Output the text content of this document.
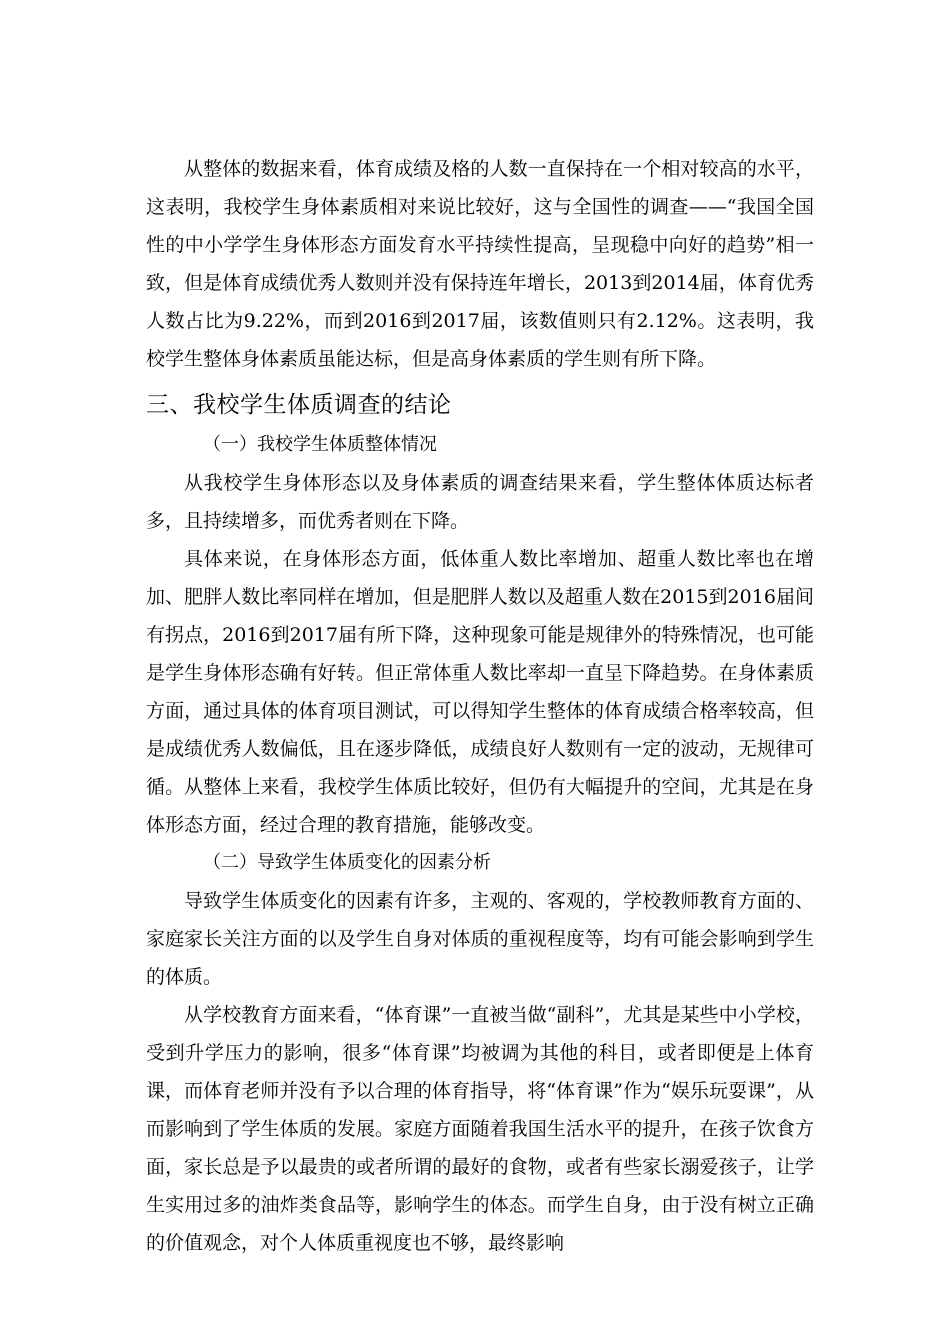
从整体的数据来看，体育成绩及格的人数一直保持在一个相对较高的水平，这表明，我校学生身体素质相对来说比较好，这与全国性的调查——“我国全国性的中小学学生身体形态方面发育水平持续性提高，呈现稳中向好的趋势”相一致，但是体育成绩优秀人数则并没有保持连年增长，2013到2014届，体育优秀人数占比为9.22%，而到2016到2017届，该数值则只有2.12%。这表明，我校学生整体身体素质虽能达标，但是高身体素质的学生则有所下降。

三、我校学生体质调查的结论

（一）我校学生体质整体情况

从我校学生身体形态以及身体素质的调查结果来看，学生整体体质达标者多，且持续增多，而优秀者则在下降。

具体来说，在身体形态方面，低体重人数比率增加、超重人数比率也在增加、肥胖人数比率同样在增加，但是肥胖人数以及超重人数在2015到2016届间有拐点，2016到2017届有所下降，这种现象可能是规律外的特殊情况，也可能是学生身体形态确有好转。但正常体重人数比率却一直呈下降趋势。在身体素质方面，通过具体的体育项目测试，可以得知学生整体的体育成绩合格率较高，但是成绩优秀人数偏低，且在逐步降低，成绩良好人数则有一定的波动，无规律可循。从整体上来看，我校学生体质比较好，但仍有大幅提升的空间，尤其是在身体形态方面，经过合理的教育措施，能够改变。

（二）导致学生体质变化的因素分析

导致学生体质变化的因素有许多，主观的、客观的，学校教师教育方面的、家庭家长关注方面的以及学生自身对体质的重视程度等，均有可能会影响到学生的体质。

从学校教育方面来看，“体育课”一直被当做“副科”，尤其是某些中小学校，受到升学压力的影响，很多“体育课”均被调为其他的科目，或者即便是上体育课，而体育老师并没有予以合理的体育指导，将“体育课”作为“娱乐玩耍课”，从而影响到了学生体质的发展。家庭方面随着我国生活水平的提升，在孩子饮食方面，家长总是予以最贵的或者所谓的最好的食物，或者有些家长溺爱孩子，让学生实用过多的油炸类食品等，影响学生的体态。而学生自身，由于没有树立正确的价值观念，对个人体质重视度也不够，最终影响
